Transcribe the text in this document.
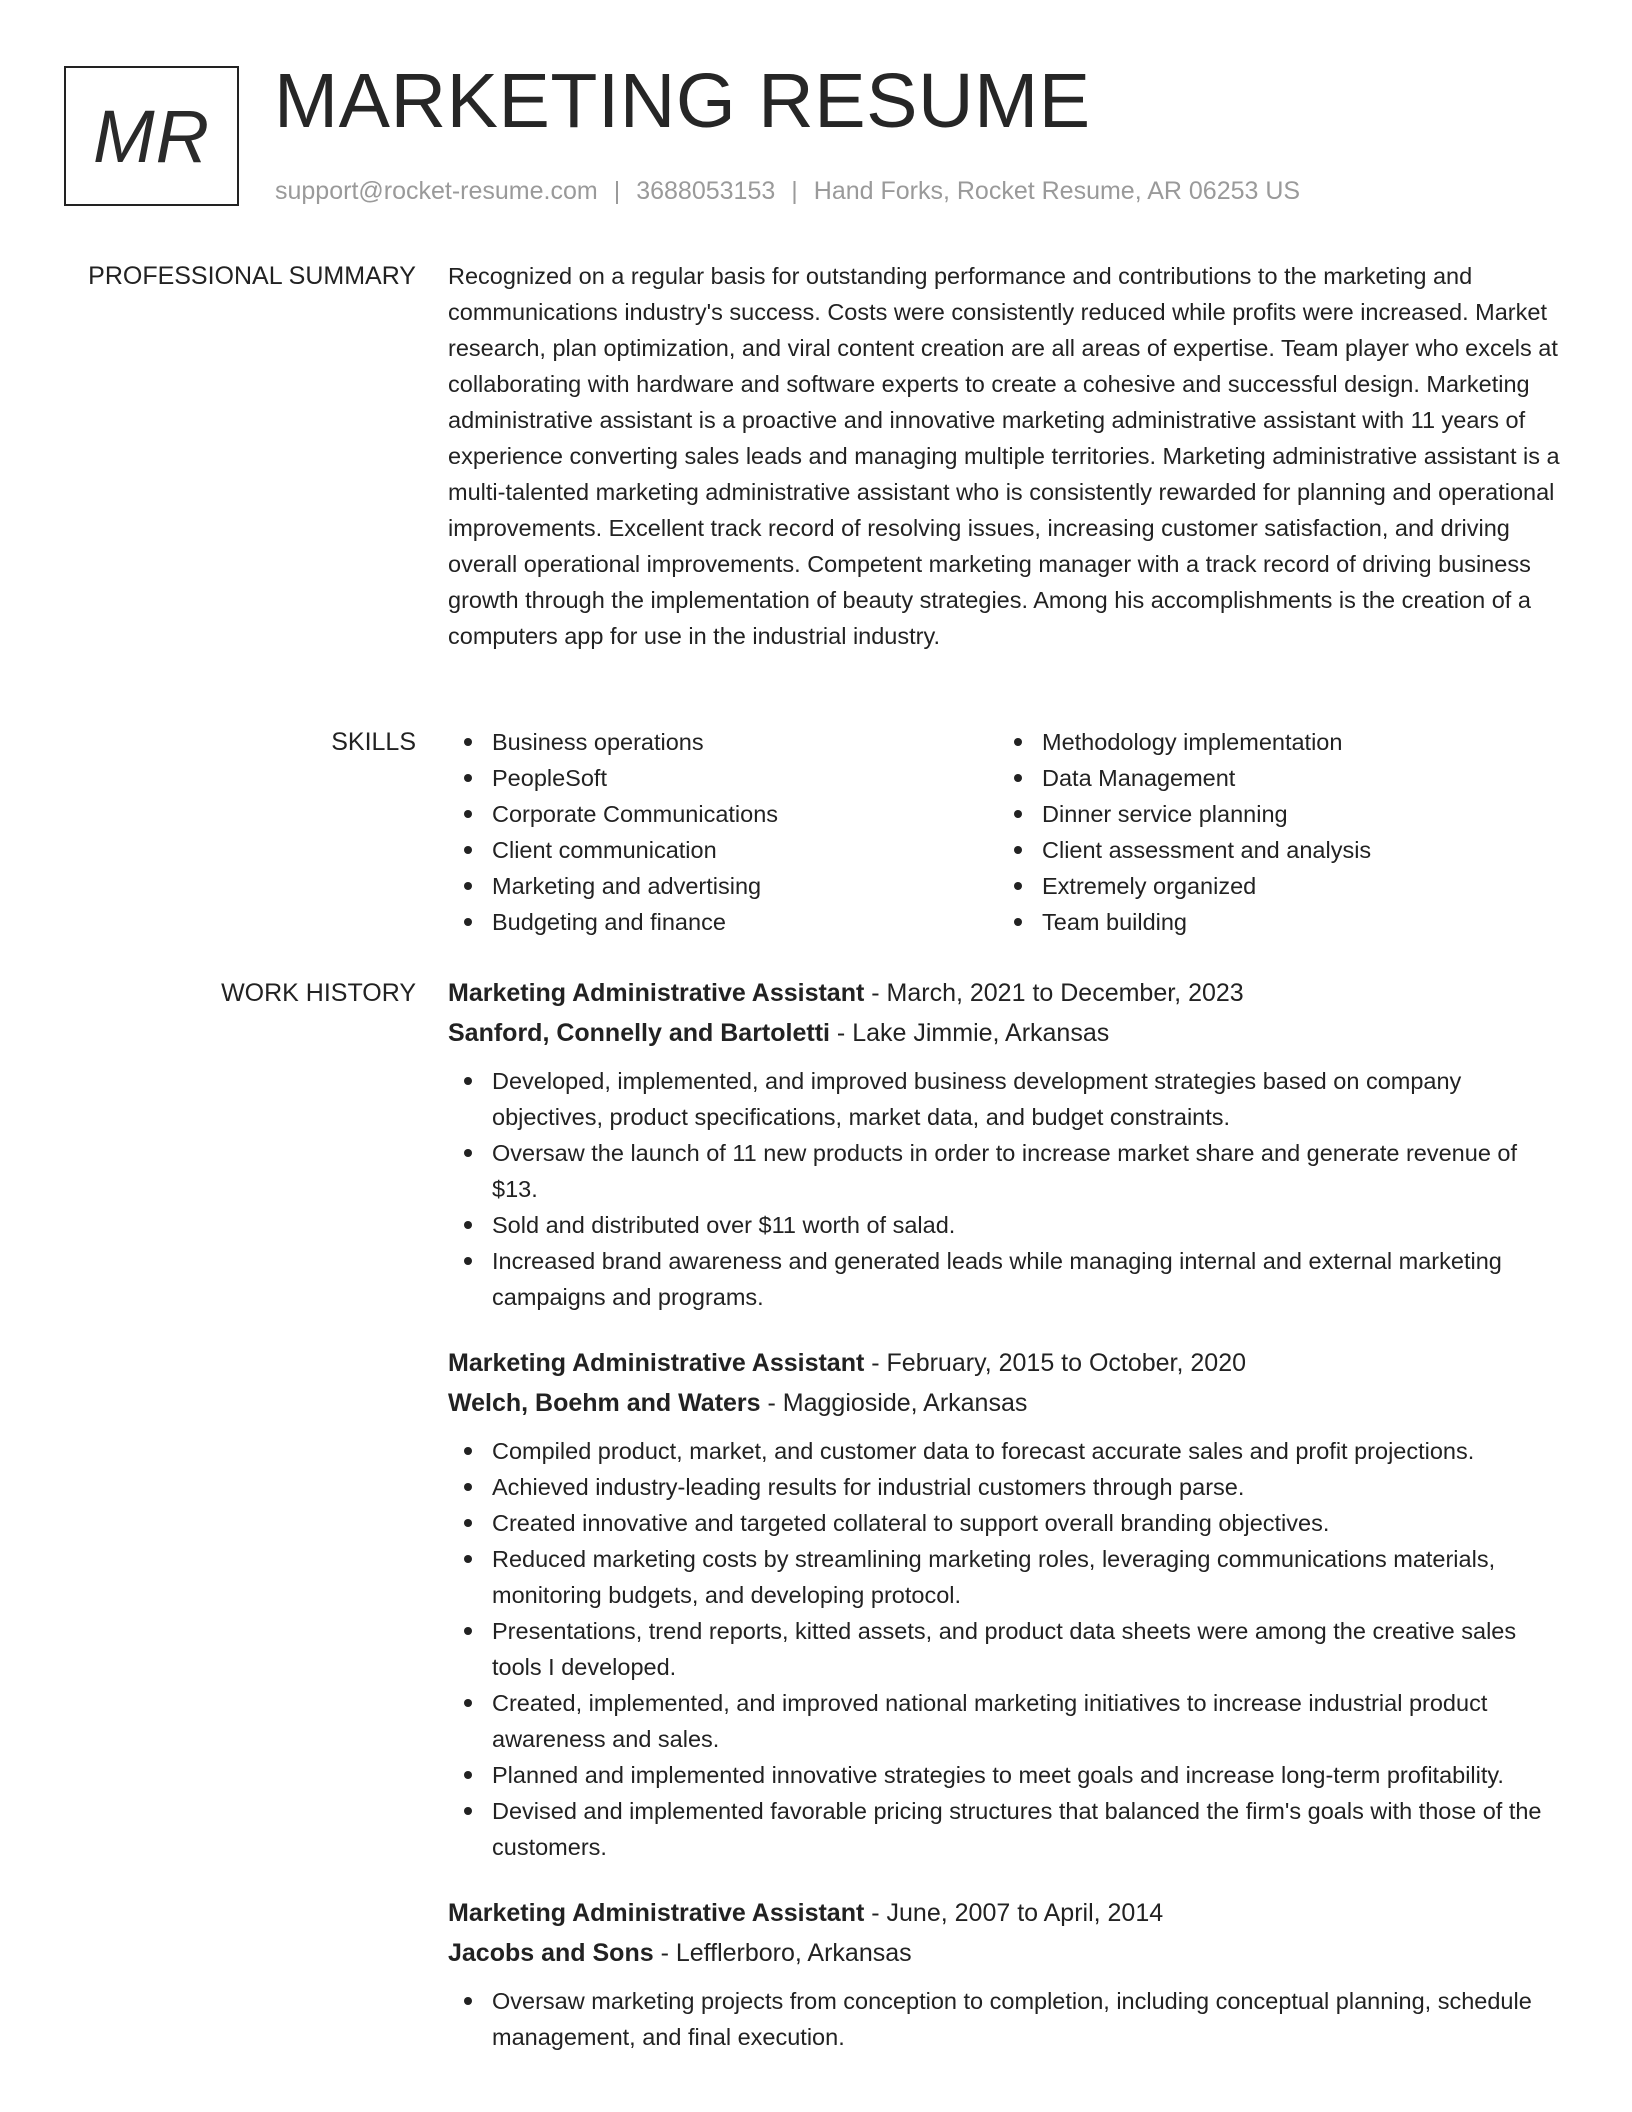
MR MARKETING RESUME
support@rocket-resume.com | 3688053153 | Hand Forks, Rocket Resume, AR 06253 US
PROFESSIONAL SUMMARY Recognized on a regular basis for outstanding performance and contributions to the marketing and communications industry's success. Costs were consistently reduced while profits were increased. Market research, plan optimization, and viral content creation are all areas of expertise. Team player who excels at collaborating with hardware and software experts to create a cohesive and successful design. Marketing administrative assistant is a proactive and innovative marketing administrative assistant with 11 years of experience converting sales leads and managing multiple territories. Marketing administrative assistant is a multi-talented marketing administrative assistant who is consistently rewarded for planning and operational improvements. Excellent track record of resolving issues, increasing customer satisfaction, and driving overall operational improvements. Competent marketing manager with a track record of driving business growth through the implementation of beauty strategies. Among his accomplishments is the creation of a computers app for use in the industrial industry.

SKILLS	Business operations
PeopleSoft
Corporate Communications
Client communication
Marketing and advertising
Budgeting and finance
Methodology implementation
Data Management
Dinner service planning
Client assessment and analysis
Extremely organized
Team building
WORK HISTORY Marketing Administrative Assistant - March, 2021 to December, 2023
Sanford, Connelly and Bartoletti - Lake Jimmie, Arkansas
Developed, implemented, and improved business development strategies based on company objectives, product specifications, market data, and budget constraints.
Oversaw the launch of 11 new products in order to increase market share and generate revenue of $13.
Sold and distributed over $11 worth of salad.
Increased brand awareness and generated leads while managing internal and external marketing campaigns and programs.
Marketing Administrative Assistant - February, 2015 to October, 2020
Welch, Boehm and Waters - Maggioside, Arkansas
Compiled product, market, and customer data to forecast accurate sales and profit projections.
Achieved industry-leading results for industrial customers through parse.
Created innovative and targeted collateral to support overall branding objectives.
Reduced marketing costs by streamlining marketing roles, leveraging communications materials, monitoring budgets, and developing protocol.
Presentations, trend reports, kitted assets, and product data sheets were among the creative sales tools I developed.
Created, implemented, and improved national marketing initiatives to increase industrial product awareness and sales.
Planned and implemented innovative strategies to meet goals and increase long-term profitability.
Devised and implemented favorable pricing structures that balanced the firm's goals with those of the customers.
Marketing Administrative Assistant - June, 2007 to April, 2014
Jacobs and Sons - Lefflerboro, Arkansas
Oversaw marketing projects from conception to completion, including conceptual planning, schedule management, and final execution.
